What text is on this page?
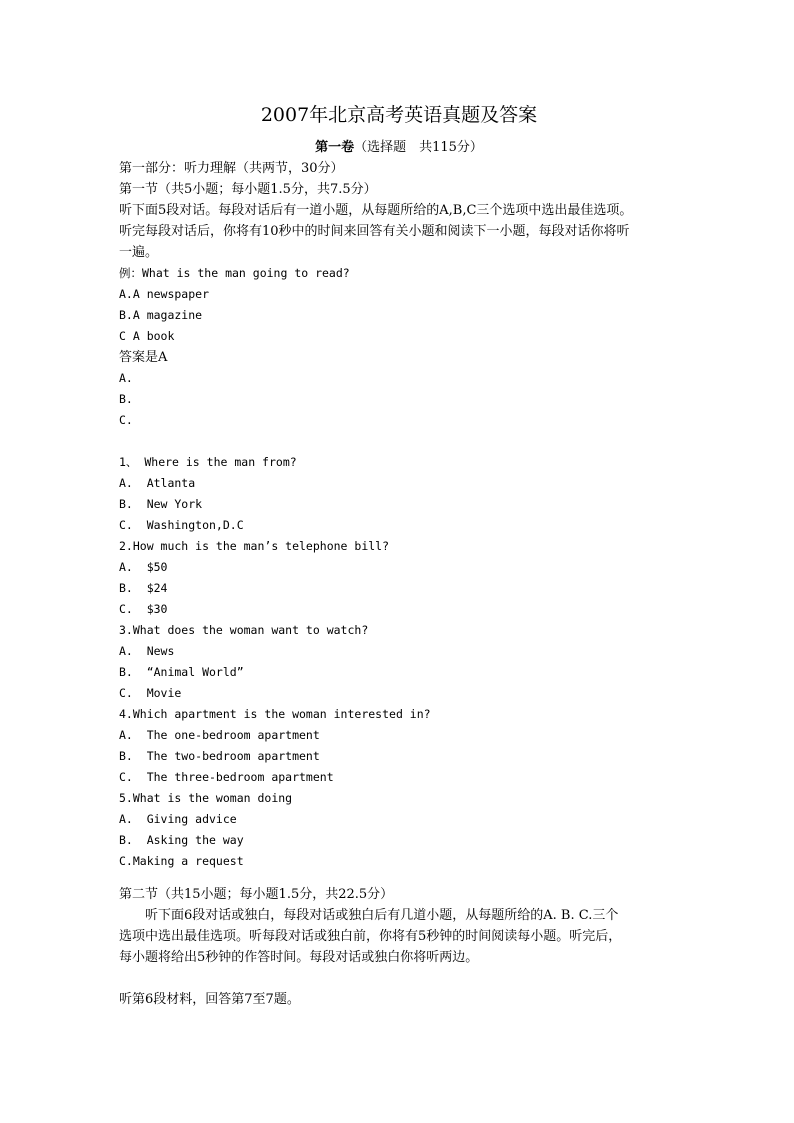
2007年北京高考英语真题及答案

第一卷（选择题　共115分）

第一部分：听力理解（共两节，30分）

第一节（共5小题；每小题1.5分，共7.5分）

听下面5段对话。每段对话后有一道小题，从每题所给的A,B,C三个选项中选出最佳选项。

听完每段对话后，你将有10秒中的时间来回答有关小题和阅读下一小题，每段对话你将听

一遍。

例：What is the man going to read?

A.A newspaper

B.A magazine

C A book

答案是A

A.

B.

C.

1、 Where is the man from?

A.  Atlanta

B.  New York

C.  Washington,D.C

2.How much is the man’s telephone bill?

A.  $50

B.  $24

C.  $30

3.What does the woman want to watch?

A.  News

B.  “Animal World”

C.  Movie

4.Which apartment is the woman interested in?

A.  The one-bedroom apartment

B.  The two-bedroom apartment

C.  The three-bedroom apartment

5.What is the woman doing

A.  Giving advice

B.  Asking the way

C.Making a request

第二节（共15小题；每小题1.5分，共22.5分）

听下面6段对话或独白，每段对话或独白后有几道小题，从每题所给的A. B. C.三个

选项中选出最佳选项。听每段对话或独白前，你将有5秒钟的时间阅读每小题。听完后，

每小题将给出5秒钟的作答时间。每段对话或独白你将听两边。

听第6段材料，回答第7至7题。
